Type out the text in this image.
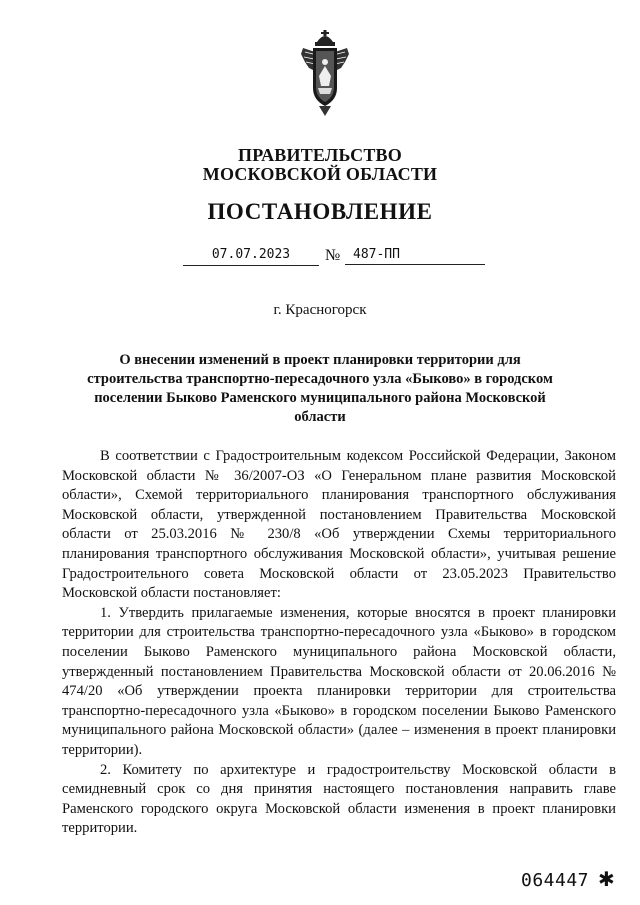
ПРАВИТЕЛЬСТВО
МОСКОВСКОЙ ОБЛАСТИ
ПОСТАНОВЛЕНИЕ
07.07.2023	№ 487-ПП
г. Красногорск
О внесении изменений в проект планировки территории для строительства транспортно-пересадочного узла «Быково» в городском поселении Быково Раменского муниципального района Московской области

В соответствии с Градостроительным кодексом Российской Федерации, Законом Московской области № 36/2007-ОЗ «О Генеральном плане развития Московской области», Схемой территориального планирования транспортного обслуживания Московской области, утвержденной постановлением Правительства Московской области от 25.03.2016 № 230/8 «Об утверждении Схемы территориального планирования транспортного обслуживания Московской области», учитывая решение Градостроительного совета Московской области от 23.05.2023 Правительство Московской области постановляет:

1. Утвердить прилагаемые изменения, которые вносятся в проект планировки территории для строительства транспортно-пересадочного узла «Быково» в городском поселении Быково Раменского муниципального района Московской области, утвержденный постановлением Правительства Московской области от 20.06.2016 № 474/20 «Об утверждении проекта планировки территории для строительства транспортно-пересадочного узла «Быково» в городском поселении Быково Раменского муниципального района Московской области» (далее – изменения в проект планировки территории).

2. Комитету по архитектуре и градостроительству Московской области в семидневный срок со дня принятия настоящего постановления направить главе Раменского городского округа Московской области изменения в проект планировки территории.

064447 ✱
